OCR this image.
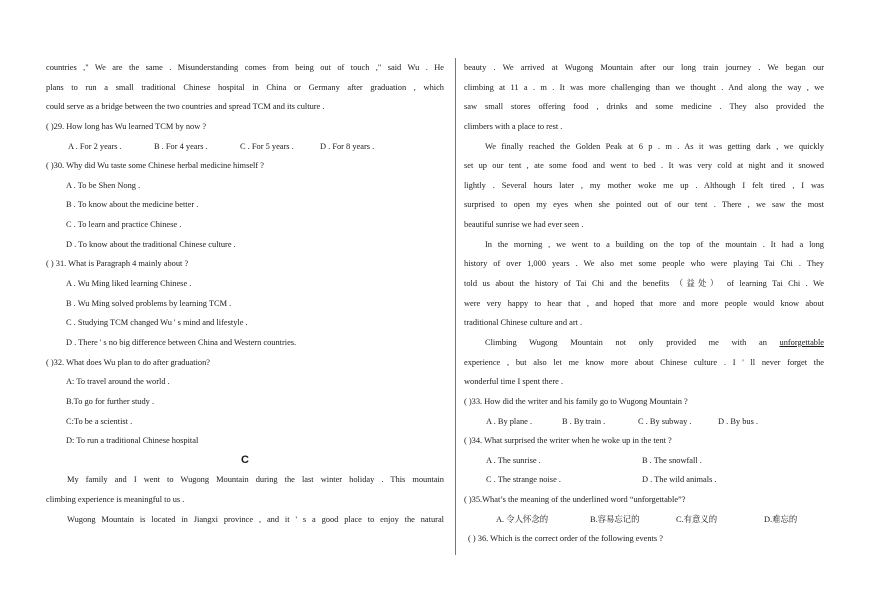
countries ," We are the same . Misunderstanding comes from being out of touch ," said Wu . He
plans to run a small traditional Chinese hospital in China or Germany after graduation , which
could serve as a bridge between the two countries and spread TCM and its culture .
( )29. How long has Wu learned TCM by now ?
A . For 2 years .	B . For 4 years .	C . For 5 years .	D . For 8 years .
( )30. Why did Wu taste some Chinese herbal medicine himself ?
A . To be Shen Nong .
B . To know about the medicine better .
C . To learn and practice Chinese .
D . To know about the traditional Chinese culture .
( ) 31. What is Paragraph 4 mainly about ?
A . Wu Ming liked learning Chinese .
B . Wu Ming solved problems by learning TCM .
C . Studying TCM changed Wu ' s mind and lifestyle .
D . There ' s no big difference between China and Western countries.
( )32. What does Wu plan to do after graduation?
A: To travel around the world .
B.To go for further study .
C:To be a scientist .
D: To run a traditional Chinese hospital
C
My family and I went to Wugong Mountain during the last winter holiday . This mountain
climbing experience is meaningful to us .
Wugong Mountain is located in Jiangxi province , and it ' s a good place to enjoy the natural
beauty . We arrived at Wugong Mountain after our long train journey . We began our
climbing at 11 a . m . It was more challenging than we thought . And along the way , we
saw small stores offering food , drinks and some medicine . They also provided the
climbers with a place to rest .
We finally reached the Golden Peak at 6 p . m . As it was getting dark , we quickly
set up our tent , ate some food and went to bed . It was very cold at night and it snowed
lightly . Several hours later , my mother woke me up . Although I felt tired , I was
surprised to open my eyes when she pointed out of our tent . There , we saw the most
beautiful sunrise we had ever seen .
In the morning , we went to a building on the top of the mountain . It had a long
history of over 1,000 years . We also met some people who were playing Tai Chi . They
told us about the history of Tai Chi and the benefits （益处） of learning Tai Chi . We
were very happy to hear that , and hoped that more and more people would know about
traditional Chinese culture and art .
Climbing Wugong Mountain not only provided me with an unforgettable
experience , but also let me know more about Chinese culture . I ' ll never forget the
wonderful time I spent there .
( )33. How did the writer and his family go to Wugong Mountain ?
A . By plane .	B . By train .	C . By subway .	D . By bus .
( )34. What surprised the writer when he woke up in the tent ?
A . The sunrise .	B . The snowfall .
C . The strange noise .	D . The wild animals .
( )35.What’s the meaning of the underlined word “unforgettable”?
A. 令人怀念的	B.容易忘记的	C.有意义的	D.难忘的
( ) 36. Which is the correct order of the following events ?
